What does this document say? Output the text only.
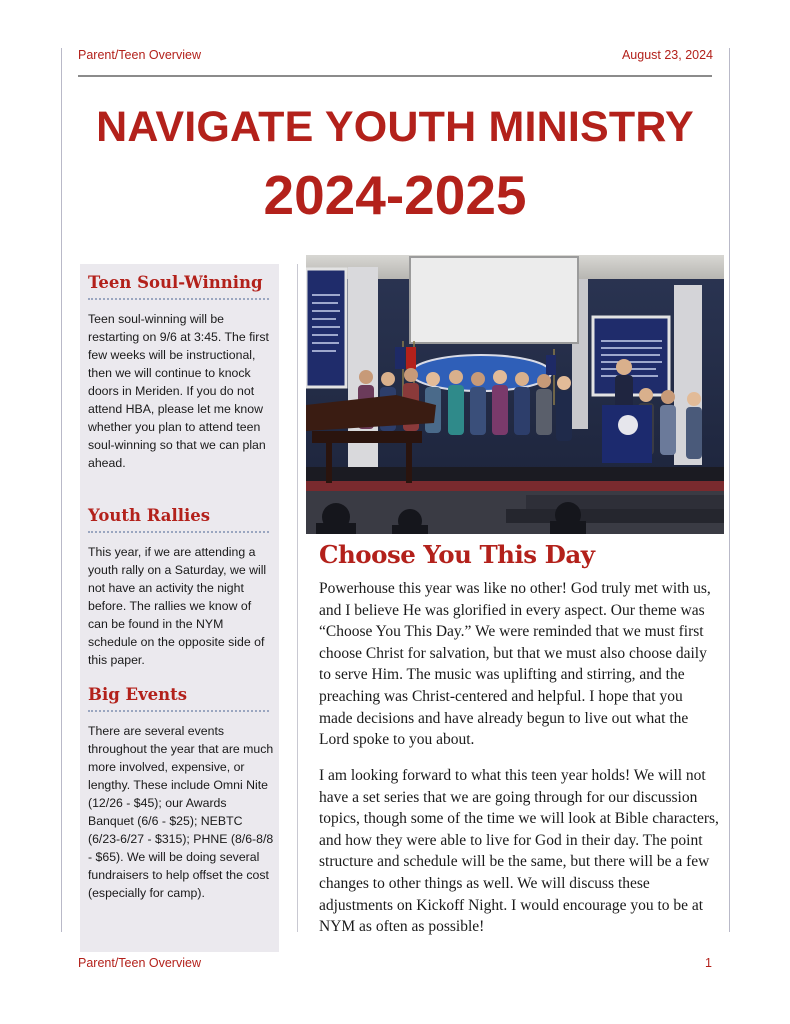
Parent/Teen Overview	August 23, 2024
NAVIGATE YOUTH MINISTRY
2024-2025
Teen Soul-Winning
Teen soul-winning will be restarting on 9/6 at 3:45. The first few weeks will be instructional, then we will continue to knock doors in Meriden. If you do not attend HBA, please let me know whether you plan to attend teen soul-winning so that we can plan ahead.
Youth Rallies
This year, if we are attending a youth rally on a Saturday, we will not have an activity the night before. The rallies we know of can be found in the NYM schedule on the opposite side of this paper.
Big Events
There are several events throughout the year that are much more involved, expensive, or lengthy. These include Omni Nite (12/26 - $45); our Awards Banquet (6/6 - $25); NEBTC (6/23-6/27 - $315); PHNE (8/6-8/8 - $65). We will be doing several fundraisers to help offset the cost (especially for camp).
Choose You This Day
Powerhouse this year was like no other! God truly met with us, and I believe He was glorified in every aspect. Our theme was “Choose You This Day.” We were reminded that we must first choose Christ for salvation, but that we must also choose daily to serve Him. The music was uplifting and stirring, and the preaching was Christ-centered and helpful. I hope that you made decisions and have already begun to live out what the Lord spoke to you about.
I am looking forward to what this teen year holds! We will not have a set series that we are going through for our discussion topics, though some of the time we will look at Bible characters, and how they were able to live for God in their day. The point structure and schedule will be the same, but there will be a few changes to other things as well. We will discuss these adjustments on Kickoff Night. I would encourage you to be at NYM as often as possible!
Parent/Teen Overview	1
